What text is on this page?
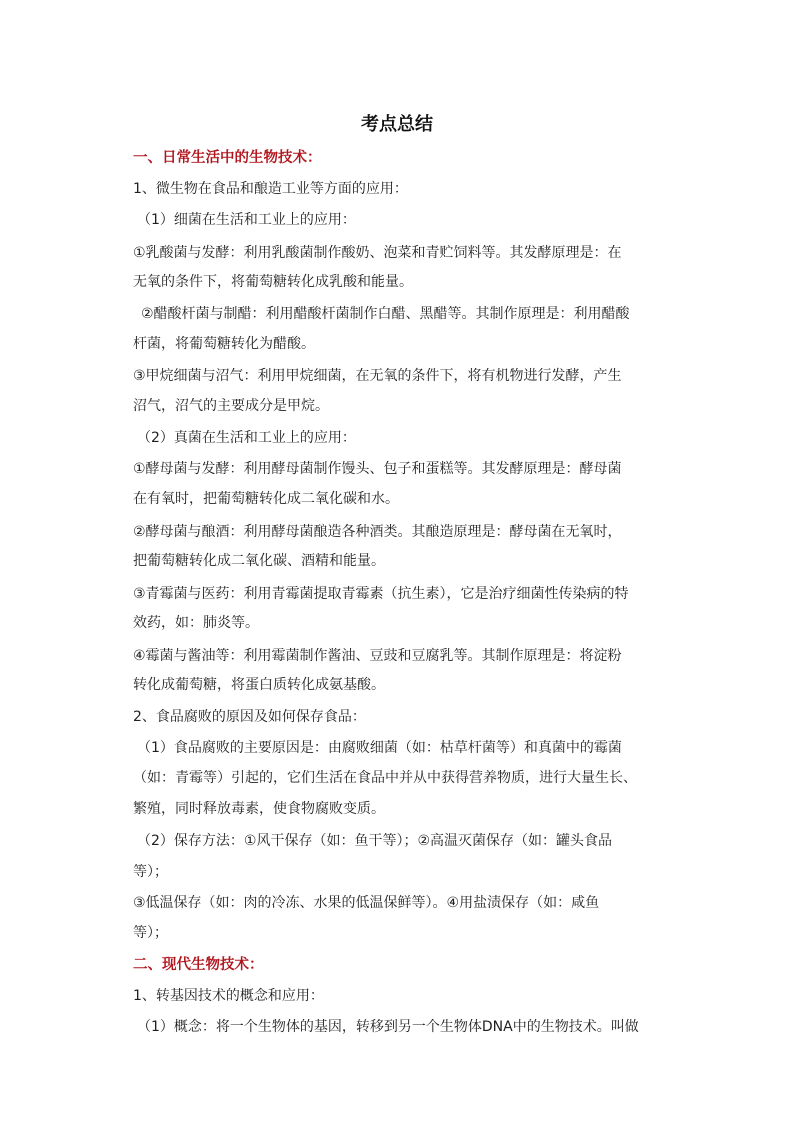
考点总结
一、日常生活中的生物技术：
1、微生物在食品和酿造工业等方面的应用：
（1）细菌在生活和工业上的应用：
①乳酸菌与发酵：利用乳酸菌制作酸奶、泡菜和青贮饲料等。其发酵原理是：在
无氧的条件下，将葡萄糖转化成乳酸和能量。
②醋酸杆菌与制醋：利用醋酸杆菌制作白醋、黑醋等。其制作原理是：利用醋酸
杆菌，将葡萄糖转化为醋酸。
③甲烷细菌与沼气：利用甲烷细菌，在无氧的条件下，将有机物进行发酵，产生
沼气，沼气的主要成分是甲烷。
（2）真菌在生活和工业上的应用：
①酵母菌与发酵：利用酵母菌制作馒头、包子和蛋糕等。其发酵原理是：酵母菌
在有氧时，把葡萄糖转化成二氧化碳和水。
②酵母菌与酿酒：利用酵母菌酿造各种酒类。其酿造原理是：酵母菌在无氧时，
把葡萄糖转化成二氧化碳、酒精和能量。
③青霉菌与医药：利用青霉菌提取青霉素（抗生素），它是治疗细菌性传染病的特
效药，如：肺炎等。
④霉菌与酱油等：利用霉菌制作酱油、豆豉和豆腐乳等。其制作原理是：将淀粉
转化成葡萄糖，将蛋白质转化成氨基酸。
2、食品腐败的原因及如何保存食品：
（1）食品腐败的主要原因是：由腐败细菌（如：枯草杆菌等）和真菌中的霉菌
（如：青霉等）引起的，它们生活在食品中并从中获得营养物质，进行大量生长、
繁殖，同时释放毒素，使食物腐败变质。
（2）保存方法：①风干保存（如：鱼干等）；②高温灭菌保存（如：罐头食品
等）；
③低温保存（如：肉的冷冻、水果的低温保鲜等）。④用盐渍保存（如：咸鱼
等）；
二、现代生物技术：
1、转基因技术的概念和应用：
（1）概念：将一个生物体的基因，转移到另一个生物体DNA中的生物技术。叫做
